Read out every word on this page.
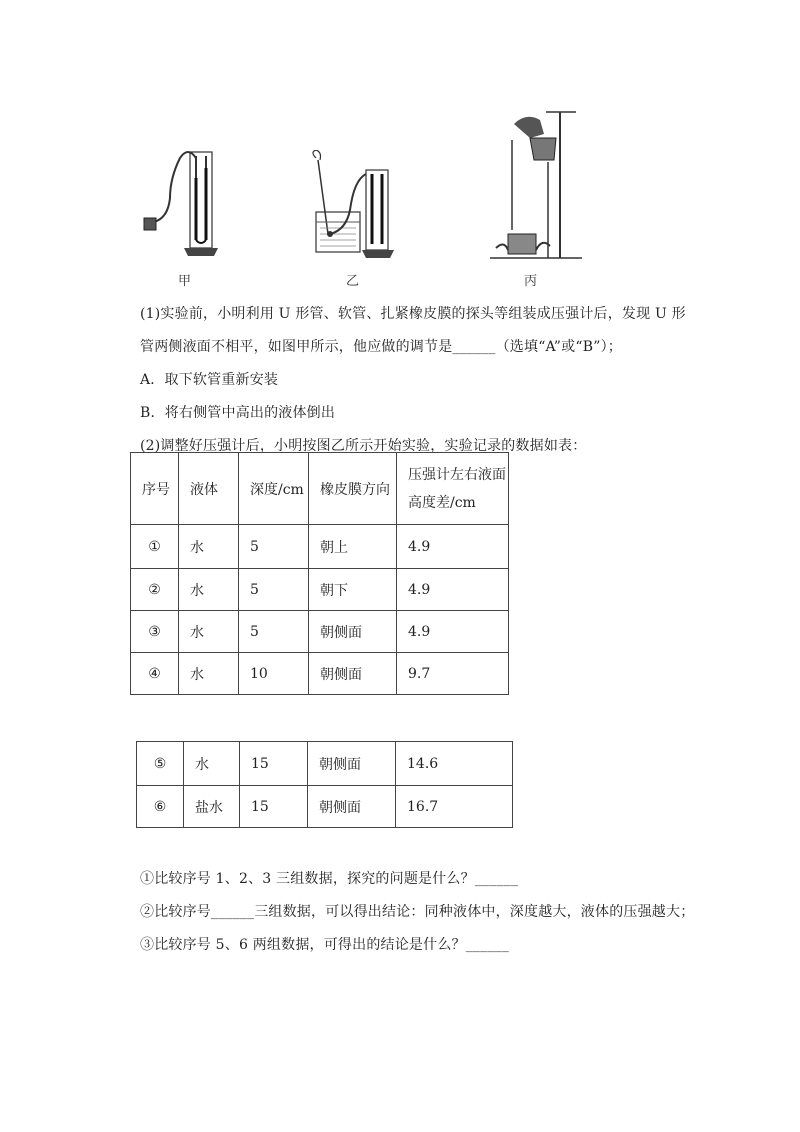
甲	乙	丙
(1)实验前，小明利用 U 形管、软管、扎紧橡皮膜的探头等组装成压强计后，发现 U 形
管两侧液面不相平，如图甲所示，他应做的调节是______（选填“A”或“B”）；
A．取下软管重新安装
B．将右侧管中高出的液体倒出
(2)调整好压强计后，小明按图乙所示开始实验，实验记录的数据如表：
序号	液体	深度/cm	橡皮膜方向	压强计左右液面高度差/cm
①	水	5	朝上	4.9
②	水	5	朝下	4.9
③	水	5	朝侧面	4.9
④	水	10	朝侧面	9.7
⑤	水	15	朝侧面	14.6
⑥	盐水	15	朝侧面	16.7
①比较序号 1、2、3 三组数据，探究的问题是什么？______
②比较序号______三组数据，可以得出结论：同种液体中，深度越大，液体的压强越大；
③比较序号 5、6 两组数据，可得出的结论是什么？______
